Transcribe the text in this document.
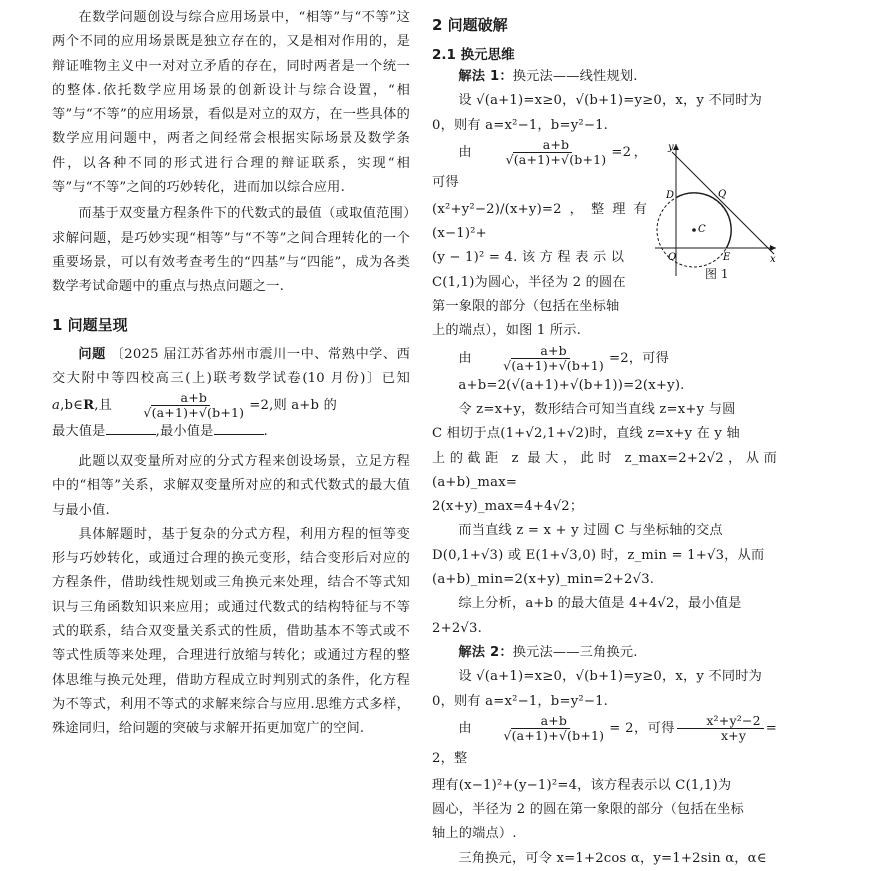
在数学问题创设与综合应用场景中，“相等”与“不等”这两个不同的应用场景既是独立存在的，又是相对作用的，是辩证唯物主义中一对对立矛盾的存在，同时两者是一个统一的整体.依托数学应用场景的创新设计与综合设置，“相等”与“不等”的应用场景，看似是对立的双方，在一些具体的数学应用问题中，两者之间经常会根据实际场景及数学条件，以各种不同的形式进行合理的辩证联系，实现“相等”与“不等”之间的巧妙转化，进而加以综合应用.

而基于双变量方程条件下的代数式的最值（或取值范围）求解问题，是巧妙实现“相等”与“不等”之间合理转化的一个重要场景，可以有效考查考生的“四基”与“四能”，成为各类数学考试命题中的重点与热点问题之一.

1 问题呈现

问题 〔2025 届江苏省苏州市震川一中、常熟中学、西交大附中等四校高三(上)联考数学试卷(10 月份)〕已知 a,b∈R,且 $\frac{a+b}{√(a+1)+√(b+1)} =2$,则 a+b 的
最大值是	,最小值是	.

此题以双变量所对应的分式方程来创设场景，立足方程中的“相等”关系，求解双变量所对应的和式代数式的最大值与最小值.

具体解题时，基于复杂的分式方程，利用方程的恒等变形与巧妙转化，或通过合理的换元变形，结合变形后对应的方程条件，借助线性规划或三角换元来处理，结合不等式知识与三角函数知识来应用；或通过代数式的结构特征与不等式的联系，结合双变量关系式的性质，借助基本不等式或不等式性质等来处理，合理进行放缩与转化；或通过方程的整体思维与换元处理，借助方程成立时判别式的条件，化方程为不等式，利用不等式的求解来综合与应用.思维方式多样，殊途同归，给问题的突破与求解开拓更加宽广的空间.

2 问题破解
2.1 换元思维

解法 1：换元法——线性规划.

设 √(a+1)=x≥0，√(b+1)=y≥0，x，y 不同时为

0，则有 a=x²−1，b=y²−1.

由 $\frac{a+b}{√(a+1)+√(b+1)} =2$，可得

(x²+y²−2)/(x+y)=2，整理有(x−1)²+

(y − 1)² = 4. 该 方 程 表 示 以

C(1,1)为圆心，半径为 2 的圆在

第一象限的部分（包括在坐标轴

上的端点），如图 1 所示.

由 $\frac{a+b}{√(a+1)+√(b+1)} =2$，可得

a+b=2(√(a+1)+√(b+1))=2(x+y).

令 z=x+y，数形结合可知当直线 z=x+y 与圆

C 相切于点(1+√2,1+√2)时，直线 z=x+y 在 y 轴

上的截距 z 最大，此时 z_max=2+2√2，从而(a+b)_max=

2(x+y)_max=4+4√2；

而当直线 z = x + y 过圆 C 与坐标轴的交点

D(0,1+√3) 或 E(1+√3,0) 时，z_min = 1+√3，从而

(a+b)_min=2(x+y)_min=2+2√3.

综上分析，a+b 的最大值是 4+4√2，最小值是

2+2√3.

解法 2：换元法——三角换元.

设 √(a+1)=x≥0，√(b+1)=y≥0，x，y 不同时为

0，则有 a=x²−1，b=y²−1.

由 $\frac{a+b}{√(a+1)+√(b+1)} = 2$，可得 $\frac{\text{x²+y²−2}}{x+y} = 2$，整

理有(x−1)²+(y−1)²=4，该方程表示以 C(1,1)为

圆心，半径为 2 的圆在第一象限的部分（包括在坐标

轴上的端点）.

三角换元，可令 x=1+2cos α，y=1+2sin α，α∈

y
x
O
C
D
E
Q
图 1
